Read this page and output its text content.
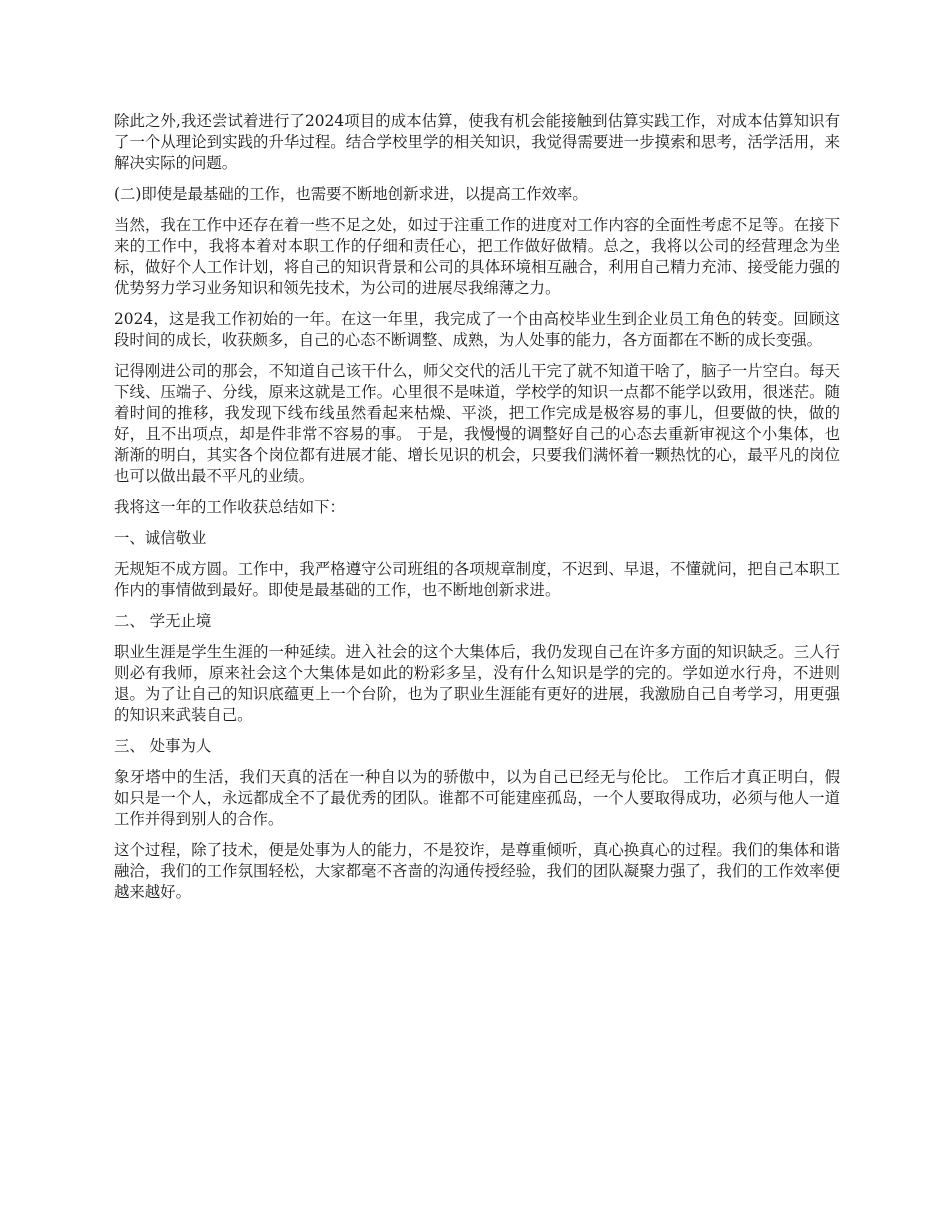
除此之外,我还尝试着进行了2024项目的成本估算，使我有机会能接触到估算实践工作，对成本估算知识有了一个从理论到实践的升华过程。结合学校里学的相关知识，我觉得需要进一步摸索和思考，活学活用，来解决实际的问题。

(二)即使是最基础的工作，也需要不断地创新求进，以提高工作效率。

当然，我在工作中还存在着一些不足之处，如过于注重工作的进度对工作内容的全面性考虑不足等。在接下来的工作中，我将本着对本职工作的仔细和责任心，把工作做好做精。总之，我将以公司的经营理念为坐标，做好个人工作计划，将自己的知识背景和公司的具体环境相互融合，利用自己精力充沛、接受能力强的优势努力学习业务知识和领先技术，为公司的进展尽我绵薄之力。

2024，这是我工作初始的一年。在这一年里，我完成了一个由高校毕业生到企业员工角色的转变。回顾这段时间的成长，收获颇多，自己的心态不断调整、成熟，为人处事的能力，各方面都在不断的成长变强。

记得刚进公司的那会，不知道自己该干什么，师父交代的活儿干完了就不知道干啥了，脑子一片空白。每天下线、压端子、分线，原来这就是工作。心里很不是味道，学校学的知识一点都不能学以致用，很迷茫。随着时间的推移，我发现下线布线虽然看起来枯燥、平淡，把工作完成是极容易的事儿，但要做的快，做的好，且不出项点，却是件非常不容易的事。 于是，我慢慢的调整好自己的心态去重新审视这个小集体，也渐渐的明白，其实各个岗位都有进展才能、增长见识的机会，只要我们满怀着一颗热忱的心，最平凡的岗位也可以做出最不平凡的业绩。

我将这一年的工作收获总结如下：

一、诚信敬业

无规矩不成方圆。工作中，我严格遵守公司班组的各项规章制度，不迟到、早退，不懂就问，把自己本职工作内的事情做到最好。即使是最基础的工作，也不断地创新求进。

二、 学无止境

职业生涯是学生生涯的一种延续。进入社会的这个大集体后，我仍发现自己在许多方面的知识缺乏。三人行则必有我师，原来社会这个大集体是如此的粉彩多呈，没有什么知识是学的完的。学如逆水行舟，不进则退。为了让自己的知识底蕴更上一个台阶，也为了职业生涯能有更好的进展，我激励自己自考学习，用更强的知识来武装自己。

三、 处事为人

象牙塔中的生活，我们天真的活在一种自以为的骄傲中，以为自己已经无与伦比。 工作后才真正明白，假如只是一个人，永远都成全不了最优秀的团队。谁都不可能建座孤岛，一个人要取得成功，必须与他人一道工作并得到别人的合作。

这个过程，除了技术，便是处事为人的能力，不是狡诈，是尊重倾听，真心换真心的过程。我们的集体和谐融洽，我们的工作氛围轻松，大家都毫不吝啬的沟通传授经验，我们的团队凝聚力强了，我们的工作效率便越来越好。
